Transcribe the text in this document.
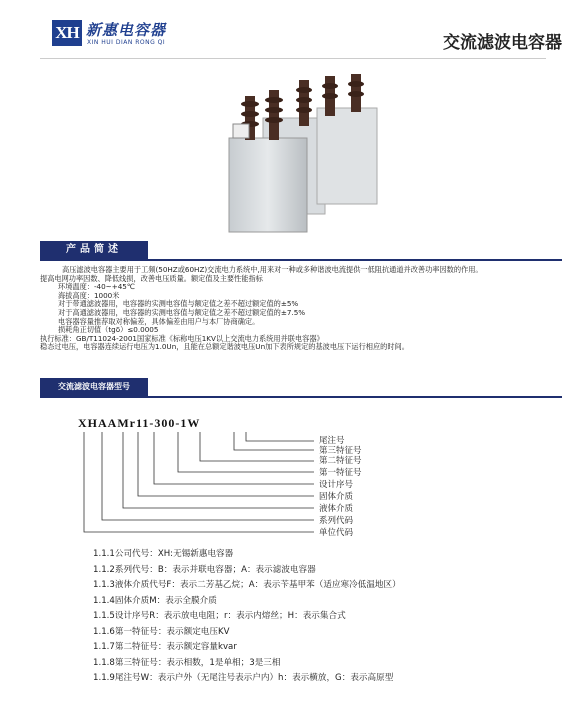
XH 新惠电容器
XIN HUI DIAN RONG QI	交流滤波电容器
产品简述
高压滤波电容器主要用于工频(50HZ或60HZ)交流电力系统中,用来对一种或多种谐波电流提供一低阻抗通道并改善功率因数的作用。
提高电网功率因数、降低线损，改善电压质量。额定值及主要性能指标
环境温度：-40~+45℃
海拔高度：1000米
对于带通滤波器用，电容器的实测电容值与额定值之差不超过额定值的±5%
对于高通滤波器用，电容器的实测电容值与额定值之差不超过额定值的±7.5%
电容器容量推荐取对称偏差，具体偏差由用户与本厂协商确定。
损耗角正切值（tgδ）≤0.0005
执行标准：GB/T11024-2001国家标准《标称电压1KV以上交流电力系统用并联电容器》
稳态过电压，电容器连续运行电压为1.0Un，且能在总额定谐波电压Un加下表所规定的基波电压下运行相应的时间。
交流滤波电容器型号
XHAAMr11-300-1W
尾注号
第三特征号
第二特征号
第一特征号
设计序号
固体介质
液体介质
系列代码
单位代码
1.1.1公司代号：XH:无锡新惠电容器
1.1.2系列代号：B：表示并联电容器；A：表示滤波电容器
1.1.3液体介质代号F：表示二芳基乙烷；A：表示苄基甲苯（适应寒冷低温地区）
1.1.4固体介质M：表示全膜介质
1.1.5设计序号R：表示放电电阻；r：表示内熔丝；H：表示集合式
1.1.6第一特征号：表示额定电压KV
1.1.7第二特征号：表示额定容量kvar
1.1.8第三特征号：表示相数，1是单相；3是三相
1.1.9尾注号W：表示户外（无尾注号表示户内）h：表示横放，G：表示高原型
